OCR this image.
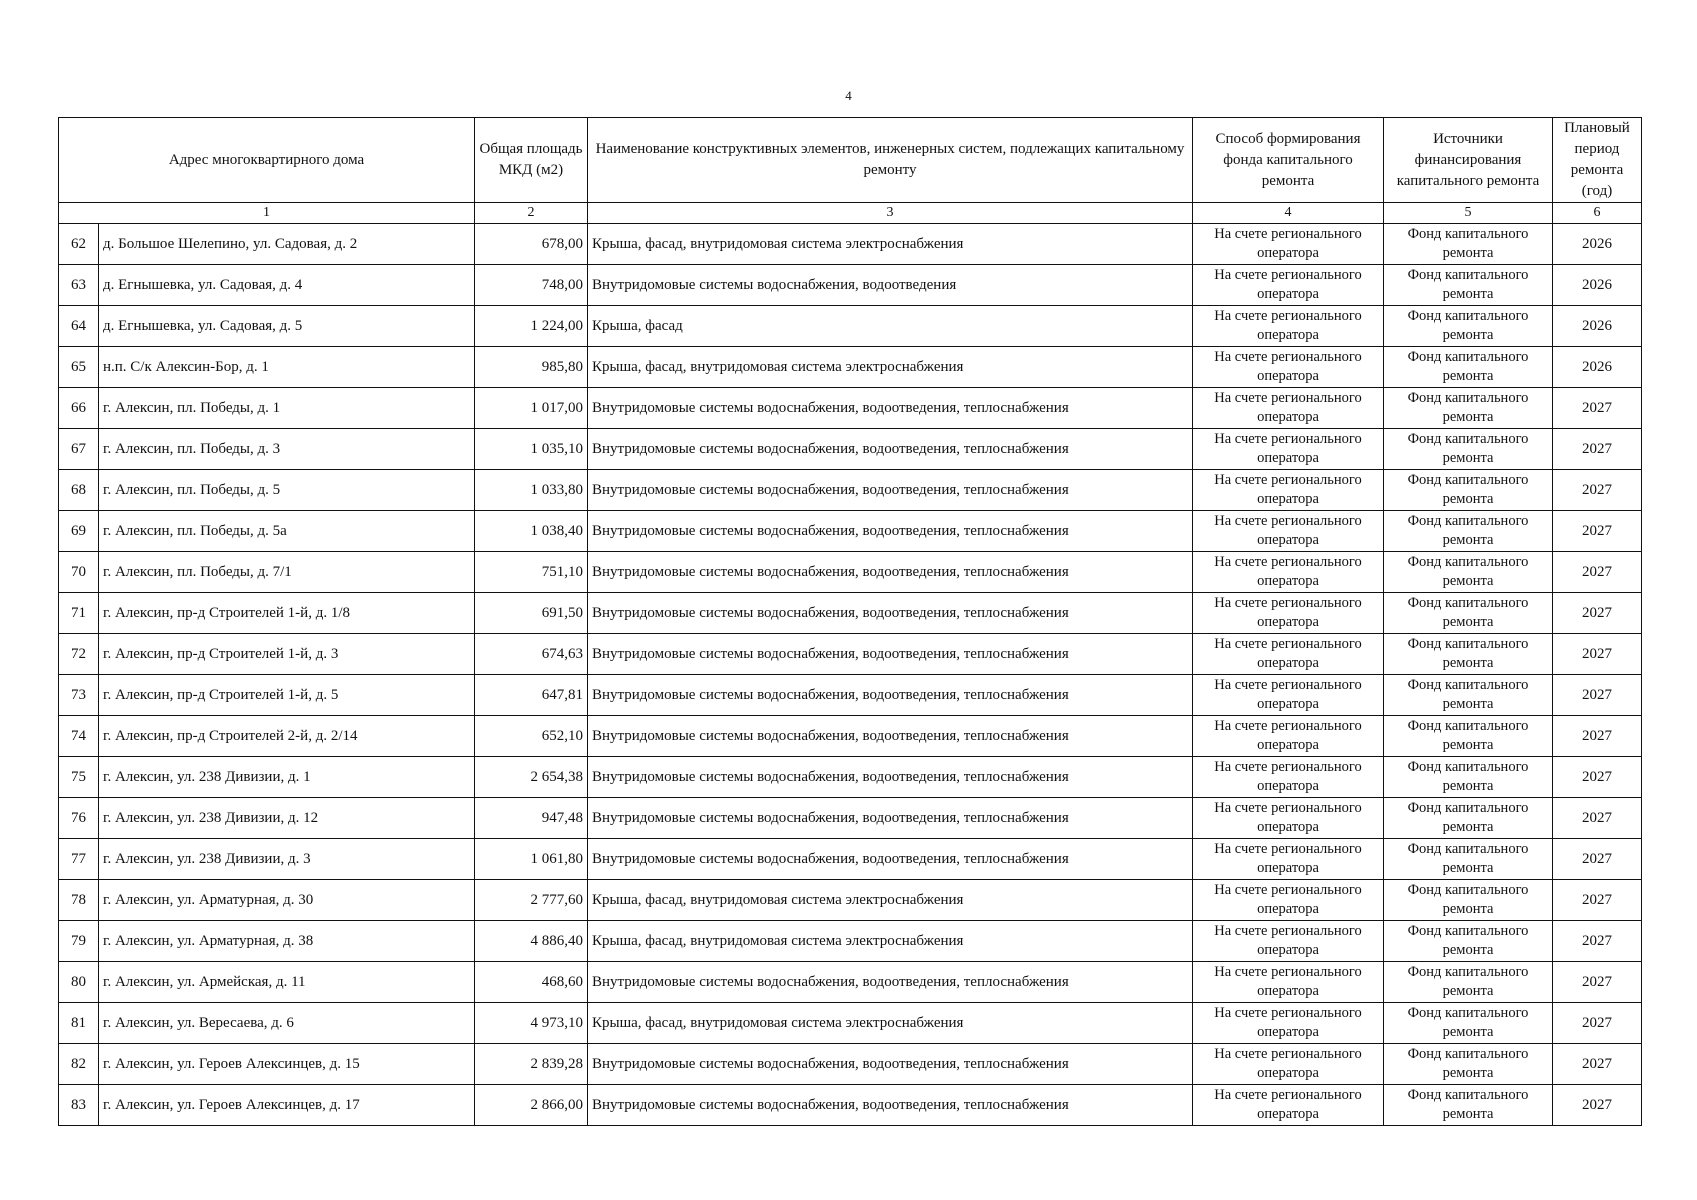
4
Адрес многоквартирного дома		Общая площадь МКД (м2)	Наименование конструктивных элементов, инженерных систем, подлежащих капитальному ремонту	Способ формирования фонда капитального ремонта	Источники финансирования капитального ремонта	Плановый период ремонта (год)
1		2	3	4	5	6
62	д. Большое Шелепино, ул. Садовая, д. 2	678,00	Крыша, фасад, внутридомовая система электроснабжения	На счете регионального оператора	Фонд капитального ремонта	2026
63	д. Егнышевка, ул. Садовая, д. 4	748,00	Внутридомовые системы водоснабжения, водоотведения	На счете регионального оператора	Фонд капитального ремонта	2026
64	д. Егнышевка, ул. Садовая, д. 5	1 224,00	Крыша, фасад	На счете регионального оператора	Фонд капитального ремонта	2026
65	н.п. С/к Алексин-Бор, д. 1	985,80	Крыша, фасад, внутридомовая система электроснабжения	На счете регионального оператора	Фонд капитального ремонта	2026
66	г. Алексин, пл. Победы, д. 1	1 017,00	Внутридомовые системы водоснабжения, водоотведения, теплоснабжения	На счете регионального оператора	Фонд капитального ремонта	2027
67	г. Алексин, пл. Победы, д. 3	1 035,10	Внутридомовые системы водоснабжения, водоотведения, теплоснабжения	На счете регионального оператора	Фонд капитального ремонта	2027
68	г. Алексин, пл. Победы, д. 5	1 033,80	Внутридомовые системы водоснабжения, водоотведения, теплоснабжения	На счете регионального оператора	Фонд капитального ремонта	2027
69	г. Алексин, пл. Победы, д. 5а	1 038,40	Внутридомовые системы водоснабжения, водоотведения, теплоснабжения	На счете регионального оператора	Фонд капитального ремонта	2027
70	г. Алексин, пл. Победы, д. 7/1	751,10	Внутридомовые системы водоснабжения, водоотведения, теплоснабжения	На счете регионального оператора	Фонд капитального ремонта	2027
71	г. Алексин, пр-д Строителей 1-й, д. 1/8	691,50	Внутридомовые системы водоснабжения, водоотведения, теплоснабжения	На счете регионального оператора	Фонд капитального ремонта	2027
72	г. Алексин, пр-д Строителей 1-й, д. 3	674,63	Внутридомовые системы водоснабжения, водоотведения, теплоснабжения	На счете регионального оператора	Фонд капитального ремонта	2027
73	г. Алексин, пр-д Строителей 1-й, д. 5	647,81	Внутридомовые системы водоснабжения, водоотведения, теплоснабжения	На счете регионального оператора	Фонд капитального ремонта	2027
74	г. Алексин, пр-д Строителей 2-й, д. 2/14	652,10	Внутридомовые системы водоснабжения, водоотведения, теплоснабжения	На счете регионального оператора	Фонд капитального ремонта	2027
75	г. Алексин, ул. 238 Дивизии, д. 1	2 654,38	Внутридомовые системы водоснабжения, водоотведения, теплоснабжения	На счете регионального оператора	Фонд капитального ремонта	2027
76	г. Алексин, ул. 238 Дивизии, д. 12	947,48	Внутридомовые системы водоснабжения, водоотведения, теплоснабжения	На счете регионального оператора	Фонд капитального ремонта	2027
77	г. Алексин, ул. 238 Дивизии, д. 3	1 061,80	Внутридомовые системы водоснабжения, водоотведения, теплоснабжения	На счете регионального оператора	Фонд капитального ремонта	2027
78	г. Алексин, ул. Арматурная, д. 30	2 777,60	Крыша, фасад, внутридомовая система электроснабжения	На счете регионального оператора	Фонд капитального ремонта	2027
79	г. Алексин, ул. Арматурная, д. 38	4 886,40	Крыша, фасад, внутридомовая система электроснабжения	На счете регионального оператора	Фонд капитального ремонта	2027
80	г. Алексин, ул. Армейская, д. 11	468,60	Внутридомовые системы водоснабжения, водоотведения, теплоснабжения	На счете регионального оператора	Фонд капитального ремонта	2027
81	г. Алексин, ул. Вересаева, д. 6	4 973,10	Крыша, фасад, внутридомовая система электроснабжения	На счете регионального оператора	Фонд капитального ремонта	2027
82	г. Алексин, ул. Героев Алексинцев, д. 15	2 839,28	Внутридомовые системы водоснабжения, водоотведения, теплоснабжения	На счете регионального оператора	Фонд капитального ремонта	2027
83	г. Алексин, ул. Героев Алексинцев, д. 17	2 866,00	Внутридомовые системы водоснабжения, водоотведения, теплоснабжения	На счете регионального оператора	Фонд капитального ремонта	2027
